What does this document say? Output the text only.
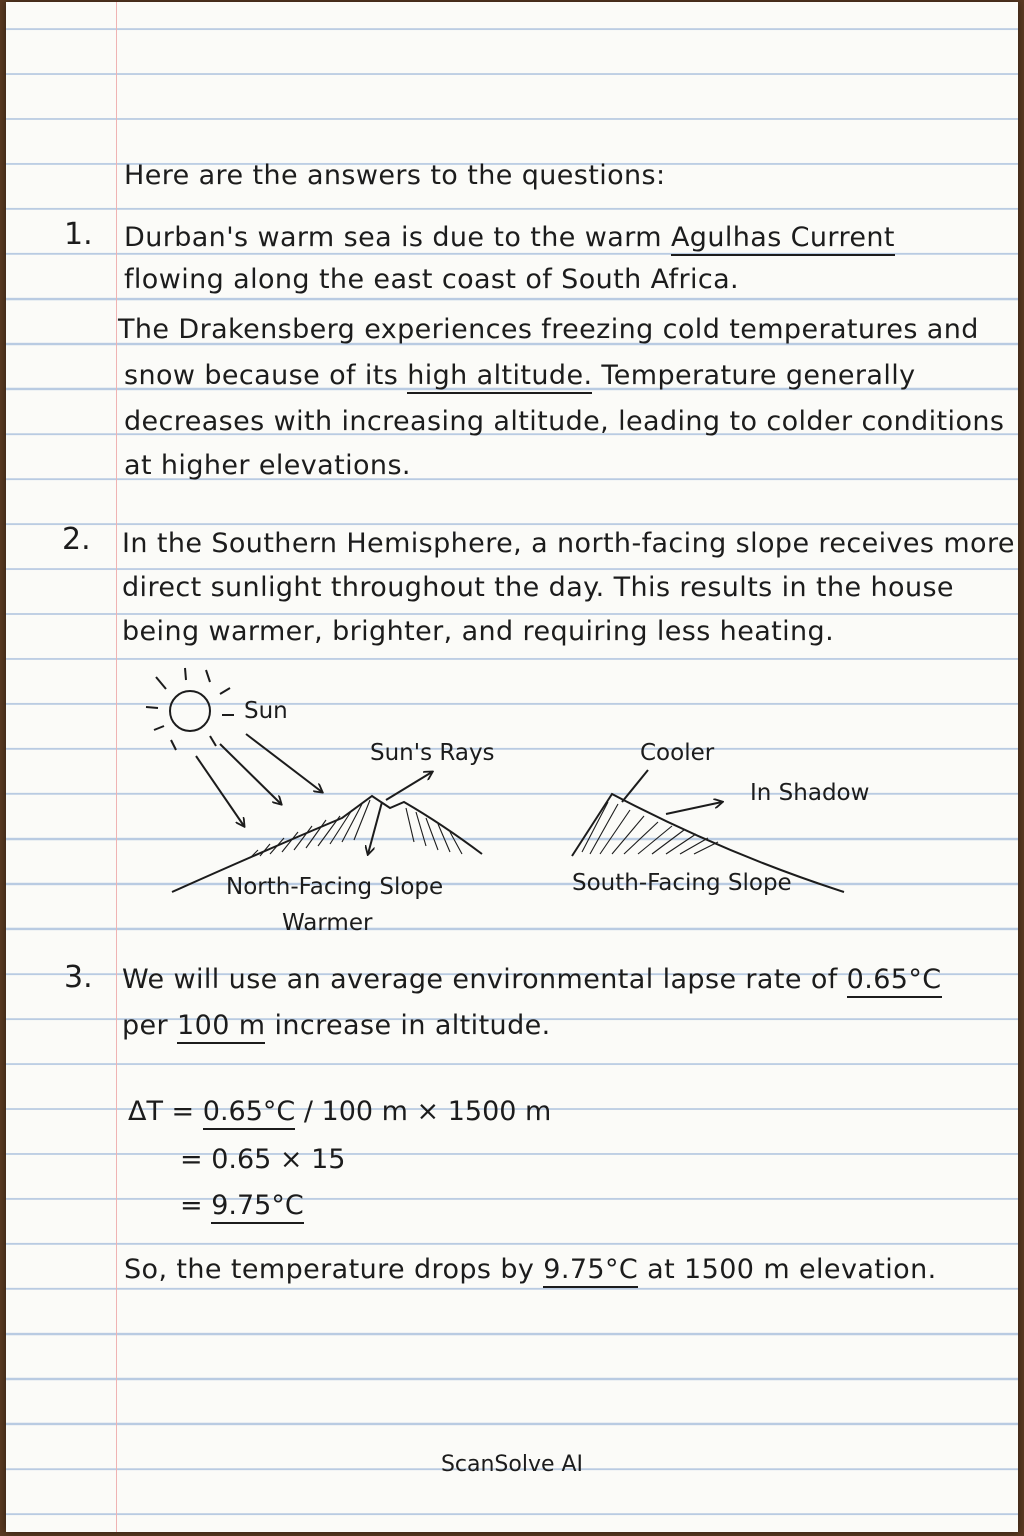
Here are the answers to the questions:
1. Durban's warm sea is due to the warm Agulhas Current
flowing along the east coast of South Africa.
The Drakensberg experiences freezing cold temperatures and
snow because of its high altitude. Temperature generally
decreases with increasing altitude, leading to colder conditions
at higher elevations.
2. In the Southern Hemisphere, a north-facing slope receives more
direct sunlight throughout the day. This results in the house
being warmer, brighter, and requiring less heating.
Sun
Sun's Rays
North-Facing Slope
Warmer
Cooler
In Shadow
South-Facing Slope
3. We will use an average environmental lapse rate of 0.65°C
per 100 m increase in altitude.
ΔT = 0.65°C / 100 m × 1500 m
= 0.65 × 15
= 9.75°C
So, the temperature drops by 9.75°C at 1500 m elevation.
ScanSolve AI
